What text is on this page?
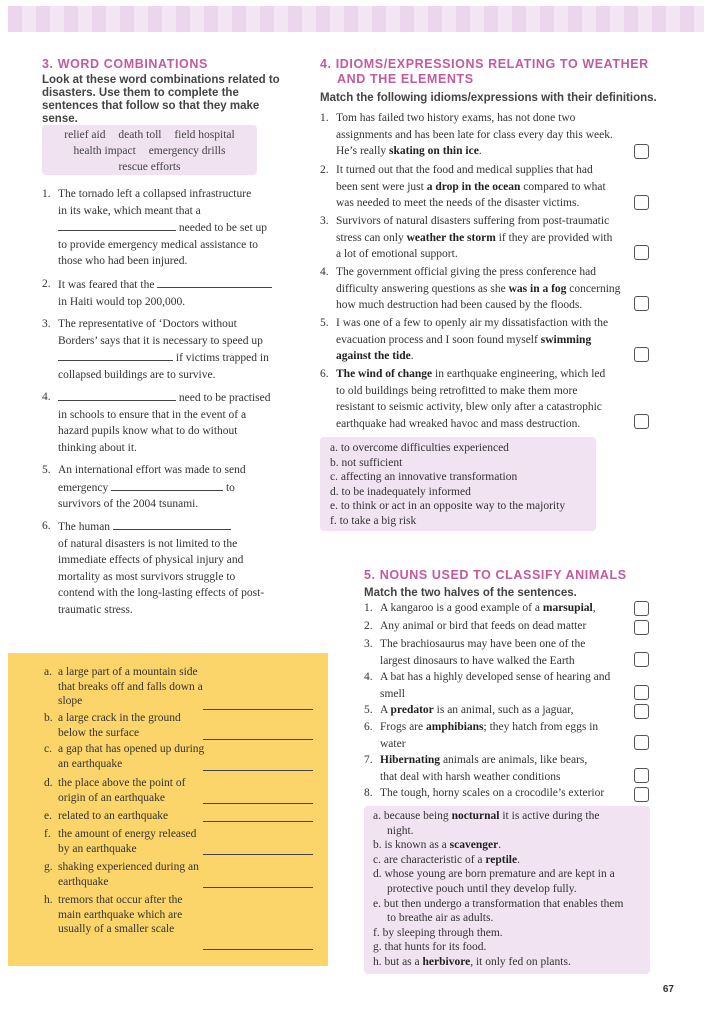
3. WORD COMBINATIONS

Look at these word combinations related to disasters. Use them to complete the sentences that follow so that they make sense.

relief aid death toll field hospital
health impact emergency drills
rescue efforts
1. The tornado left a collapsed infrastructure
in its wake, which meant that a
needed to be set up
to provide emergency medical assistance to
those who had been injured.
2. It was feared that the
in Haiti would top 200,000.
3. The representative of ‘Doctors without
Borders’ says that it is necessary to speed up
if victims trapped in
collapsed buildings are to survive.
4.	need to be practised
in schools to ensure that in the event of a
hazard pupils know what to do without
thinking about it.
5. An international effort was made to send
emergency	to
survivors of the 2004 tsunami.
6. The human
of natural disasters is not limited to the
immediate effects of physical injury and
mortality as most survivors struggle to
contend with the long-lasting effects of post-
traumatic stress.
a. a large part of a mountain side that breaks off and falls down a slope
b. a large crack in the ground below the surface
c. a gap that has opened up during an earthquake
d. the place above the point of origin of an earthquake
e. related to an earthquake
f. the amount of energy released by an earthquake
g. shaking experienced during an earthquake
h. tremors that occur after the main earthquake which are usually of a smaller scale

4. IDIOMS/EXPRESSIONS RELATING TO WEATHER
AND THE ELEMENTS

Match the following idioms/expressions with their definitions.

1. Tom has failed two history exams, has not done two
assignments and has been late for class every day this week.
He’s really skating on thin ice.
2. It turned out that the food and medical supplies that had
been sent were just a drop in the ocean compared to what
was needed to meet the needs of the disaster victims.
3. Survivors of natural disasters suffering from post-traumatic
stress can only weather the storm if they are provided with
a lot of emotional support.
4. The government official giving the press conference had
difficulty answering questions as she was in a fog concerning
how much destruction had been caused by the floods.
5. I was one of a few to openly air my dissatisfaction with the
evacuation process and I soon found myself swimming
against the tide.
6. The wind of change in earthquake engineering, which led
to old buildings being retrofitted to make them more
resistant to seismic activity, blew only after a catastrophic
earthquake had wreaked havoc and mass destruction.
a. to overcome difficulties experienced
b. not sufficient
c. affecting an innovative transformation
d. to be inadequately informed
e. to think or act in an opposite way to the majority
f. to take a big risk

5. NOUNS USED TO CLASSIFY ANIMALS

Match the two halves of the sentences.

1. A kangaroo is a good example of a marsupial,
2. Any animal or bird that feeds on dead matter
3. The brachiosaurus may have been one of the
largest dinosaurs to have walked the Earth
4. A bat has a highly developed sense of hearing and
smell
5. A predator is an animal, such as a jaguar,
6. Frogs are amphibians; they hatch from eggs in
water
7. Hibernating animals are animals, like bears,
that deal with harsh weather conditions
8. The tough, horny scales on a crocodile’s exterior
a. because being nocturnal it is active during the
night.
b. is known as a scavenger.
c. are characteristic of a reptile.
d. whose young are born premature and are kept in a
protective pouch until they develop fully.
e. but then undergo a transformation that enables them
to breathe air as adults.
f. by sleeping through them.
g. that hunts for its food.
h. but as a herbivore, it only fed on plants.
67
